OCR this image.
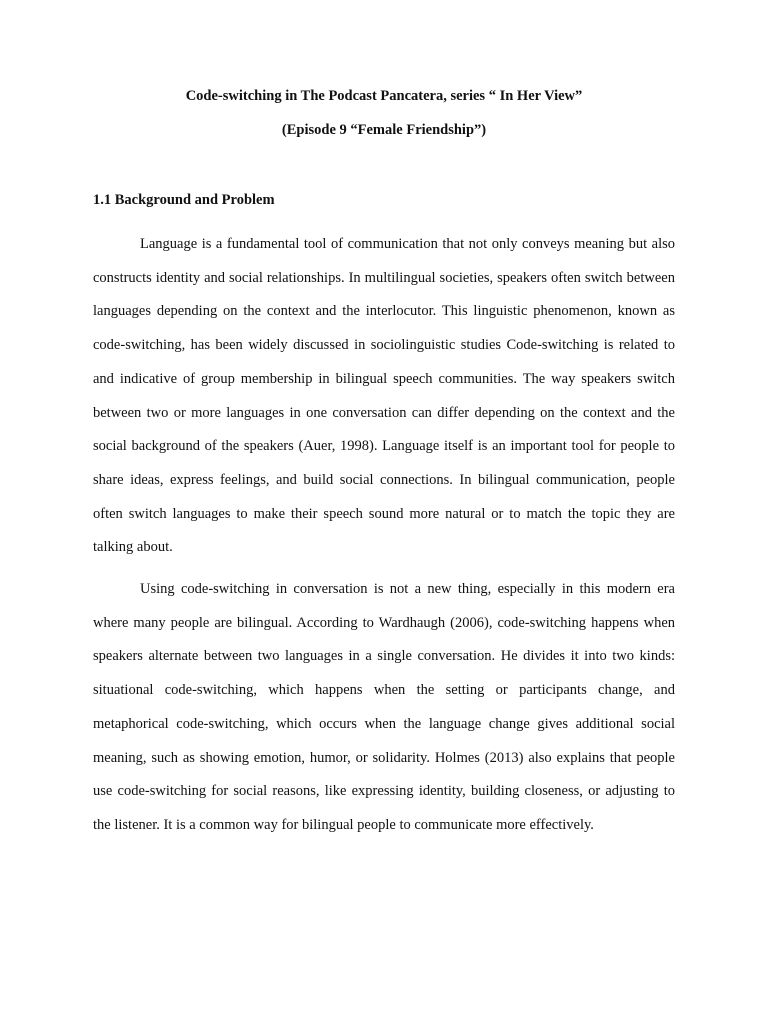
Code-switching in The Podcast Pancatera, series “ In Her View”
(Episode 9 “Female Friendship”)
1.1 Background and Problem

Language is a fundamental tool of communication that not only conveys meaning but also constructs identity and social relationships. In multilingual societies, speakers often switch between languages depending on the context and the interlocutor. This linguistic phenomenon, known as code-switching, has been widely discussed in sociolinguistic studies Code-switching is related to and indicative of group membership in bilingual speech communities. The way speakers switch between two or more languages in one conversation can differ depending on the context and the social background of the speakers (Auer, 1998). Language itself is an important tool for people to share ideas, express feelings, and build social connections. In bilingual communication, people often switch languages to make their speech sound more natural or to match the topic they are talking about.

Using code-switching in conversation is not a new thing, especially in this modern era where many people are bilingual. According to Wardhaugh (2006), code-switching happens when speakers alternate between two languages in a single conversation. He divides it into two kinds: situational code-switching, which happens when the setting or participants change, and metaphorical code-switching, which occurs when the language change gives additional social meaning, such as showing emotion, humor, or solidarity. Holmes (2013) also explains that people use code-switching for social reasons, like expressing identity, building closeness, or adjusting to the listener. It is a common way for bilingual people to communicate more effectively.
